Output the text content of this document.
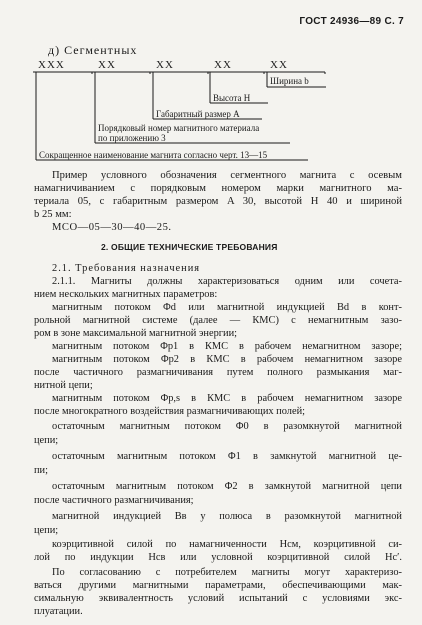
ГОСТ 24936—89 С. 7
д) Сегментных
XXX	XX	XX	XX	XX
Ширина b
Высота H
Габаритный размер A
Порядковый номер магнитного материала
по приложению 3
Сокращенное наименование магнита согласно черт. 13—15
Пример условного обозначения сегментного магнита с осевым
намагничиванием с порядковым номером марки магнитного ма-
териала 05, с габаритным размером A 30, высотой H 40 и шириной
b 25 мм:
МСО—05—30—40—25.
2. ОБЩИЕ ТЕХНИЧЕСКИЕ ТРЕБОВАНИЯ
2.1. Требования назначения
2.1.1. Магниты должны характеризоваться одним или сочета-
нием нескольких магнитных параметров:
магнитным потоком Φd или магнитной индукцией Bd в конт-
рольной магнитной системе (далее — КМС) с немагнитным зазо-
ром в зоне максимальной магнитной энергии;
магнитным потоком Φp1 в КМС в рабочем немагнитном зазоре;
магнитным потоком Φp2 в КМС в рабочем немагнитном зазоре
после частичного размагничивания путем полного размыкания маг-
нитной цепи;
магнитным потоком Φp,s в КМС в рабочем немагнитном зазоре
после многократного воздействия размагничивающих полей;
остаточным магнитным потоком Φ0 в разомкнутой магнитной
цепи;
остаточным магнитным потоком Φ1 в замкнутой магнитной це-
пи;
остаточным магнитным потоком Φ2 в замкнутой магнитной цепи
после частичного размагничивания;
магнитной индукцией Bв у полюса в разомкнутой магнитной
цепи;
коэрцитивной силой по намагниченности Hcм, коэрцитивной си-
лой по индукции Hcв или условной коэрцитивной силой Hc′.
По согласованию с потребителем магниты могут характеризо-
ваться другими магнитными параметрами, обеспечивающими мак-
симальную эквивалентность условий испытаний с условиями экс-
плуатации.
